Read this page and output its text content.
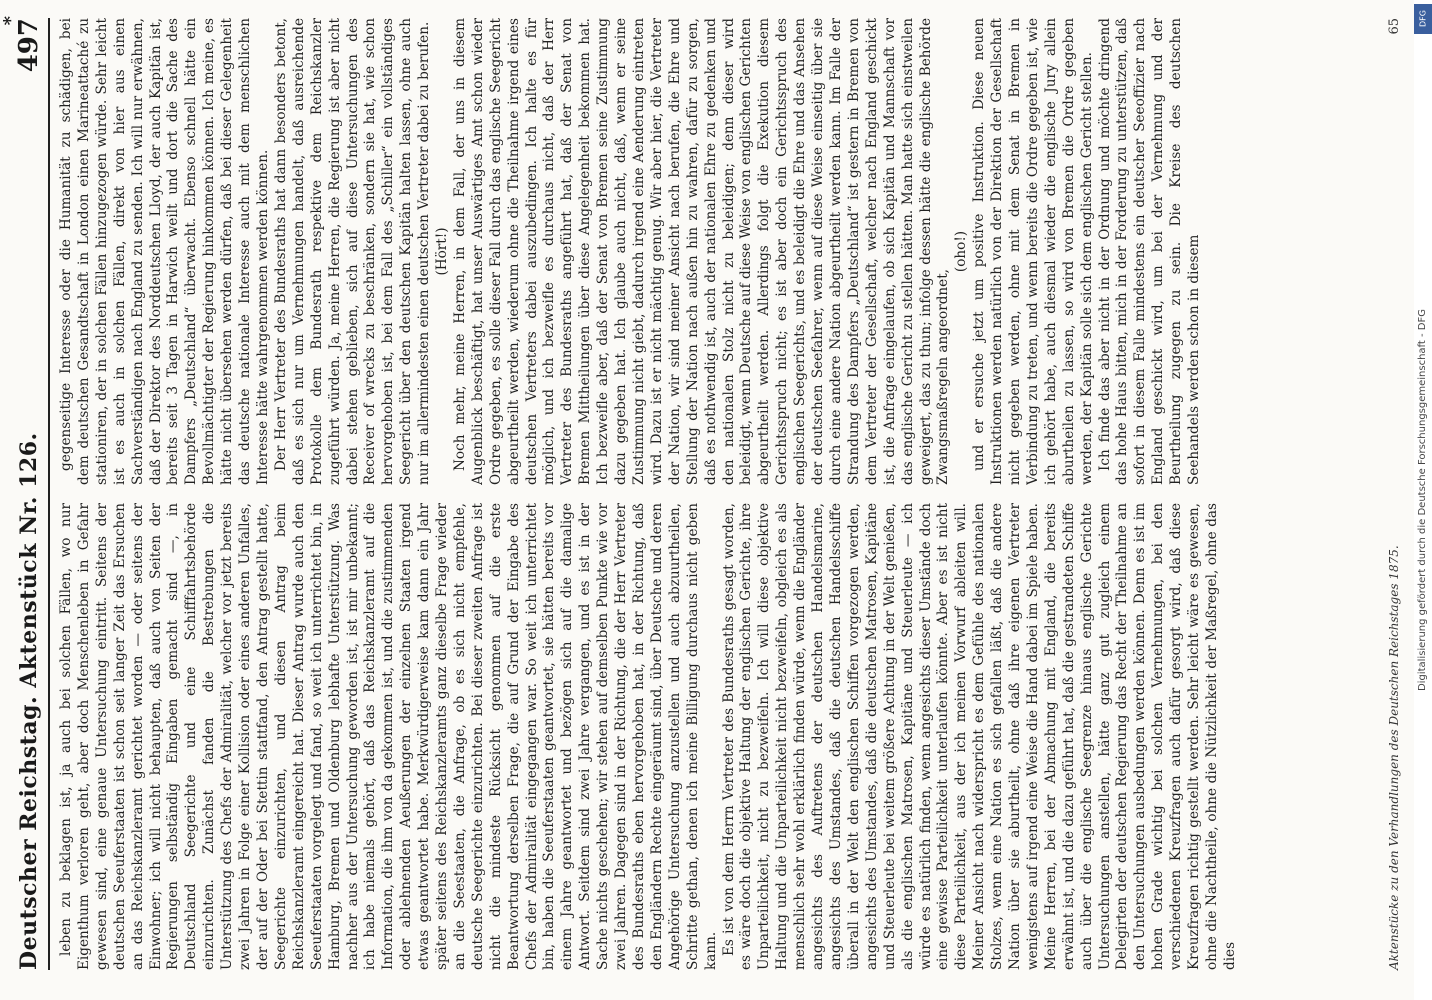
Deutscher Reichstag. Aktenstück Nr. 126.
497
*

leben zu beklagen ist, ja auch bei solchen Fällen, wo nur Eigenthum verloren geht, aber doch Menschenleben in Gefahr gewesen sind, eine genaue Untersuchung eintritt. Seitens der deutschen Seeuferstaaten ist schon seit langer Zeit das Ersuchen an das Reichskanzleramt gerichtet worden — oder seitens der Einwohner; ich will nicht behaupten, daß auch von Seiten der Regierungen selbständig Eingaben gemacht sind —, in Deutschland Seegerichte und eine Schifffahrtsbehörde einzurichten. Zunächst fanden die Bestrebungen die Unterstützung des Chefs der Admiralität, welcher vor jetzt bereits zwei Jahren in Folge einer Kollision oder eines anderen Unfalles, der auf der Oder bei Stettin stattfand, den Antrag gestellt hatte, Seegerichte einzurichten, und diesen Antrag beim Reichskanzleramt eingereicht hat. Dieser Antrag wurde auch den Seeuferstaaten vorgelegt und fand, so weit ich unterrichtet bin, in Hamburg, Bremen und Oldenburg lebhafte Unterstützung. Was nachher aus der Untersuchung geworden ist, ist mir unbekannt; ich habe niemals gehört, daß das Reichskanzleramt auf die Information, die ihm von da gekommen ist, und die zustimmenden oder ablehnenden Aeußerungen der einzelnen Staaten irgend etwas geantwortet habe. Merkwürdigerweise kam dann ein Jahr später seitens des Reichskanzleramts ganz dieselbe Frage wieder an die Seestaaten, die Anfrage, ob es sich nicht empfehle, deutsche Seegerichte einzurichten. Bei dieser zweiten Anfrage ist nicht die mindeste Rücksicht genommen auf die erste Beantwortung derselben Frage, die auf Grund der Eingabe des Chefs der Admiralität eingegangen war. So weit ich unterrichtet bin, haben die Seeuferstaaten geantwortet, sie hätten bereits vor einem Jahre geantwortet und bezögen sich auf die damalige Antwort. Seitdem sind zwei Jahre vergangen, und es ist in der Sache nichts geschehen; wir stehen auf demselben Punkte wie vor zwei Jahren. Dagegen sind in der Richtung, die der Herr Vertreter des Bundesraths eben hervorgehoben hat, in der Richtung, daß den Engländern Rechte eingeräumt sind, über Deutsche und deren Angehörige Untersuchung anzustellen und auch abzuurtheilen, Schritte gethan, denen ich meine Billigung durchaus nicht geben kann. Es ist von dem Herrn Vertreter des Bundesraths gesagt worden, es wäre doch die objektive Haltung der englischen Gerichte, ihre Unparteilichkeit, nicht zu bezweifeln. Ich will diese objektive Haltung und die Unparteilichkeit nicht bezweifeln, obgleich es als menschlich sehr wohl erklärlich finden würde, wenn die Engländer angesichts des Auftretens der deutschen Handelsmarine, angesichts des Umstandes, daß die deutschen Handelsschiffe überall in der Welt den englischen Schiffen vorgezogen werden, angesichts des Umstandes, daß die deutschen Matrosen, Kapitäne und Steuerleute bei weitem größere Achtung in der Welt genießen, als die englischen Matrosen, Kapitäne und Steuerleute — ich würde es natürlich finden, wenn angesichts dieser Umstände doch eine gewisse Parteilichkeit unterlaufen könnte. Aber es ist nicht diese Parteilichkeit, aus der ich meinen Vorwurf ableiten will. Meiner Ansicht nach widerspricht es dem Gefühle des nationalen Stolzes, wenn eine Nation es sich gefallen läßt, daß die andere Nation über sie aburtheilt, ohne daß ihre eigenen Vertreter wenigstens auf irgend eine Weise die Hand dabei im Spiele haben. Meine Herren, bei der Abmachung mit England, die bereits erwähnt ist, und die dazu geführt hat, daß die gestrandeten Schiffe auch über die englische Seegrenze hinaus englische Gerichte Untersuchungen anstellen, hätte ganz gut zugleich einem Delegirten der deutschen Regierung das Recht der Theilnahme an den Untersuchungen ausbedungen werden können. Denn es ist im hohen Grade wichtig bei solchen Vernehmungen, bei den verschiedenen Kreuzfragen auch dafür gesorgt wird, daß diese Kreuzfragen richtig gestellt werden. Sehr leicht wäre es gewesen, ohne die Nachtheile, ohne die Nützlichkeit der Maßregel, ohne das dies

gegenseitige Interesse oder die Humanität zu schädigen, bei dem deutschen Gesandtschaft in London einen Marineattaché zu stationiren, der in solchen Fällen hinzugezogen würde. Sehr leicht ist es auch in solchen Fällen, direkt von hier aus einen Sachverständigen nach England zu senden. Ich will nur erwähnen, daß der Direktor des Norddeutschen Lloyd, der auch Kapitän ist, bereits seit 3 Tagen in Harwich weilt und dort die Sache des Dampfers „Deutschland“ überwacht. Ebenso schnell hätte ein Bevollmächtigter der Regierung hinkommen können. Ich meine, es hätte nicht übersehen werden dürfen, daß bei dieser Gelegenheit das deutsche nationale Interesse auch mit dem menschlichen Interesse hätte wahrgenommen werden können. Der Herr Vertreter des Bundesraths hat dann besonders betont, daß es sich nur um Vernehmungen handelt, daß ausreichende Protokolle dem Bundesrath respektive dem Reichskanzler zugeführt würden. Ja, meine Herren, die Regierung ist aber nicht dabei stehen geblieben, sich auf diese Untersuchungen des Receiver of wrecks zu beschränken, sondern sie hat, wie schon hervorgehoben ist, bei dem Fall des „Schiller“ ein vollständiges Seegericht über den deutschen Kapitän halten lassen, ohne auch nur im allermindesten einen deutschen Vertreter dabei zu berufen. (Hört!) Noch mehr, meine Herren, in dem Fall, der uns in diesem Augenblick beschäftigt, hat unser Auswärtiges Amt schon wieder Ordre gegeben, es solle dieser Fall durch das englische Seegericht abgeurtheilt werden, wiederum ohne die Theilnahme irgend eines deutschen Vertreters dabei auszubedingen. Ich halte es für möglich, und ich bezweifle es durchaus nicht, daß der Herr Vertreter des Bundesraths angeführt hat, daß der Senat von Bremen Mittheilungen über diese Angelegenheit bekommen hat. Ich bezweifle aber, daß der Senat von Bremen seine Zustimmung dazu gegeben hat. Ich glaube auch nicht, daß, wenn er seine Zustimmung nicht giebt, dadurch irgend eine Aenderung eintreten wird. Dazu ist er nicht mächtig genug. Wir aber hier, die Vertreter der Nation, wir sind meiner Ansicht nach berufen, die Ehre und Stellung der Nation nach außen hin zu wahren, dafür zu sorgen, daß es nothwendig ist, auch der nationalen Ehre zu gedenken und den nationalen Stolz nicht zu beleidigen; denn dieser wird beleidigt, wenn Deutsche auf diese Weise von englischen Gerichten abgeurtheilt werden. Allerdings folgt die Exekution diesem Gerichtsspruch nicht; es ist aber doch ein Gerichtsspruch des englischen Seegerichts, und es beleidigt die Ehre und das Ansehen der deutschen Seefahrer, wenn auf diese Weise einseitig über sie durch eine andere Nation abgeurtheilt werden kann. Im Falle der Strandung des Dampfers „Deutschland“ ist gestern in Bremen von dem Vertreter der Gesellschaft, welcher nach England geschickt ist, die Anfrage eingelaufen, ob sich Kapitän und Mannschaft vor das englische Gericht zu stellen hätten. Man hatte sich einstweilen geweigert, das zu thun; infolge dessen hätte die englische Behörde Zwangsmaßregeln angeordnet,

(oho!) und er ersuche jetzt um positive Instruktion. Diese neuen Instruktionen werden natürlich von der Direktion der Gesellschaft nicht gegeben werden, ohne mit dem Senat in Bremen in Verbindung zu treten, und wenn bereits die Ordre gegeben ist, wie ich gehört habe, auch diesmal wieder die englische Jury allein aburtheilen zu lassen, so wird von Bremen die Ordre gegeben werden, der Kapitän solle sich dem englischen Gericht stellen. Ich finde das aber nicht in der Ordnung und möchte dringend das hohe Haus bitten, mich in der Forderung zu unterstützen, daß sofort in diesem Falle mindestens ein deutscher Seeoffizier nach England geschickt wird, um bei der Vernehmung und der Beurtheilung zugegen zu sein. Die Kreise des deutschen Seehandels werden schon in diesem

Aktenstücke zu den Verhandlungen des Deutschen Reichstages 1875.
65
Digitalisierung gefördert durch die Deutsche Forschungsgemeinschaft - DFG
DFG
